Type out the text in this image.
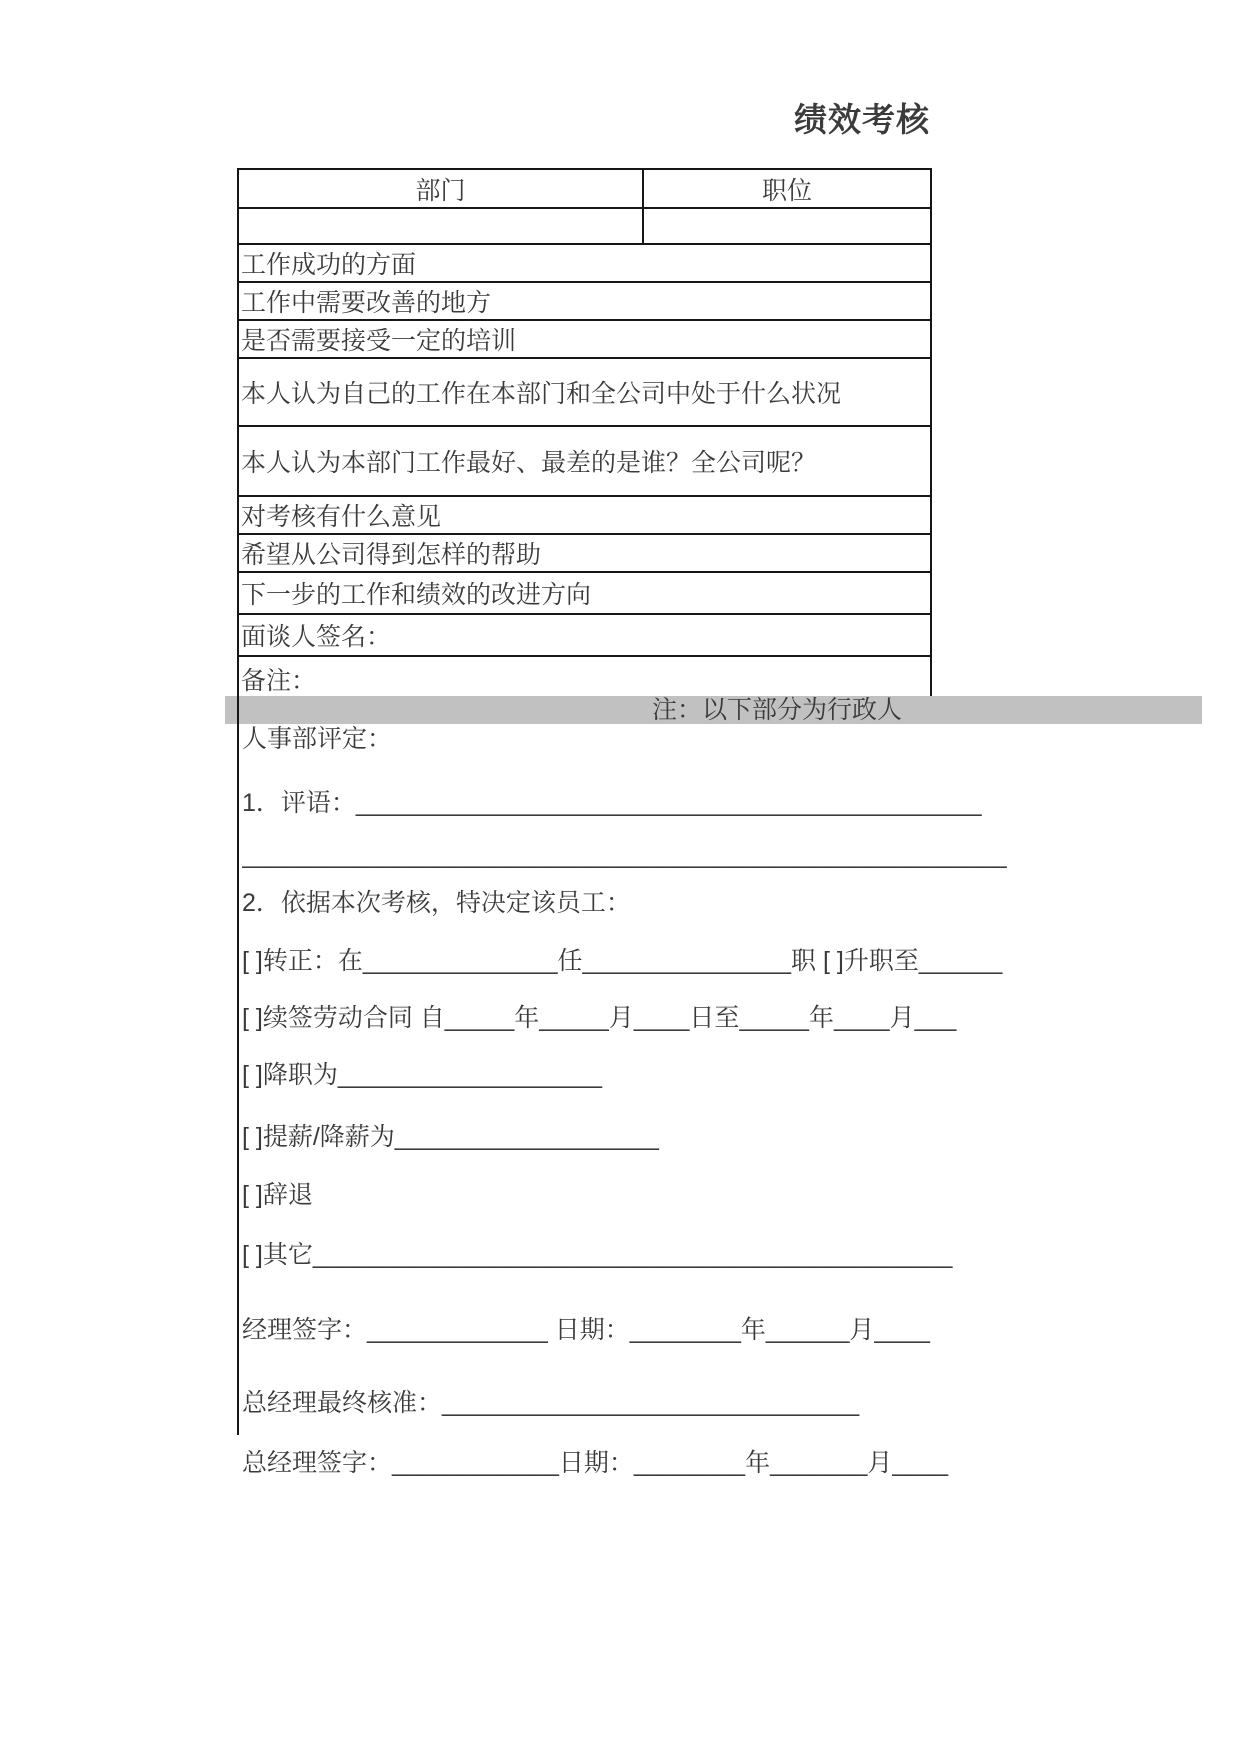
绩效考核
部门	职位

工作成功的方面	
工作中需要改善的地方	
是否需要接受一定的培训	
本人认为自己的工作在本部门和全公司中处于什么状况	
本人认为本部门工作最好、最差的是谁？全公司呢？	
对考核有什么意见	
希望从公司得到怎样的帮助	
下一步的工作和绩效的改进方向	
面谈人签名：	
备注：	
注：以下部分为行政人
人事部评定：
1．评语：_____________________________________________
_______________________________________________________
2．依据本次考核，特决定该员工：
[ ]转正：在______________任_______________职 [ ]升职至______
[ ]续签劳动合同 自_____年_____月____日至_____年____月___
[ ]降职为___________________
[ ]提薪/降薪为___________________
[ ]辞退
[ ]其它______________________________________________
经理签字：_____________ 日期：________年______月____
总经理最终核准：______________________________
总经理签字：____________日期：________年_______月____
